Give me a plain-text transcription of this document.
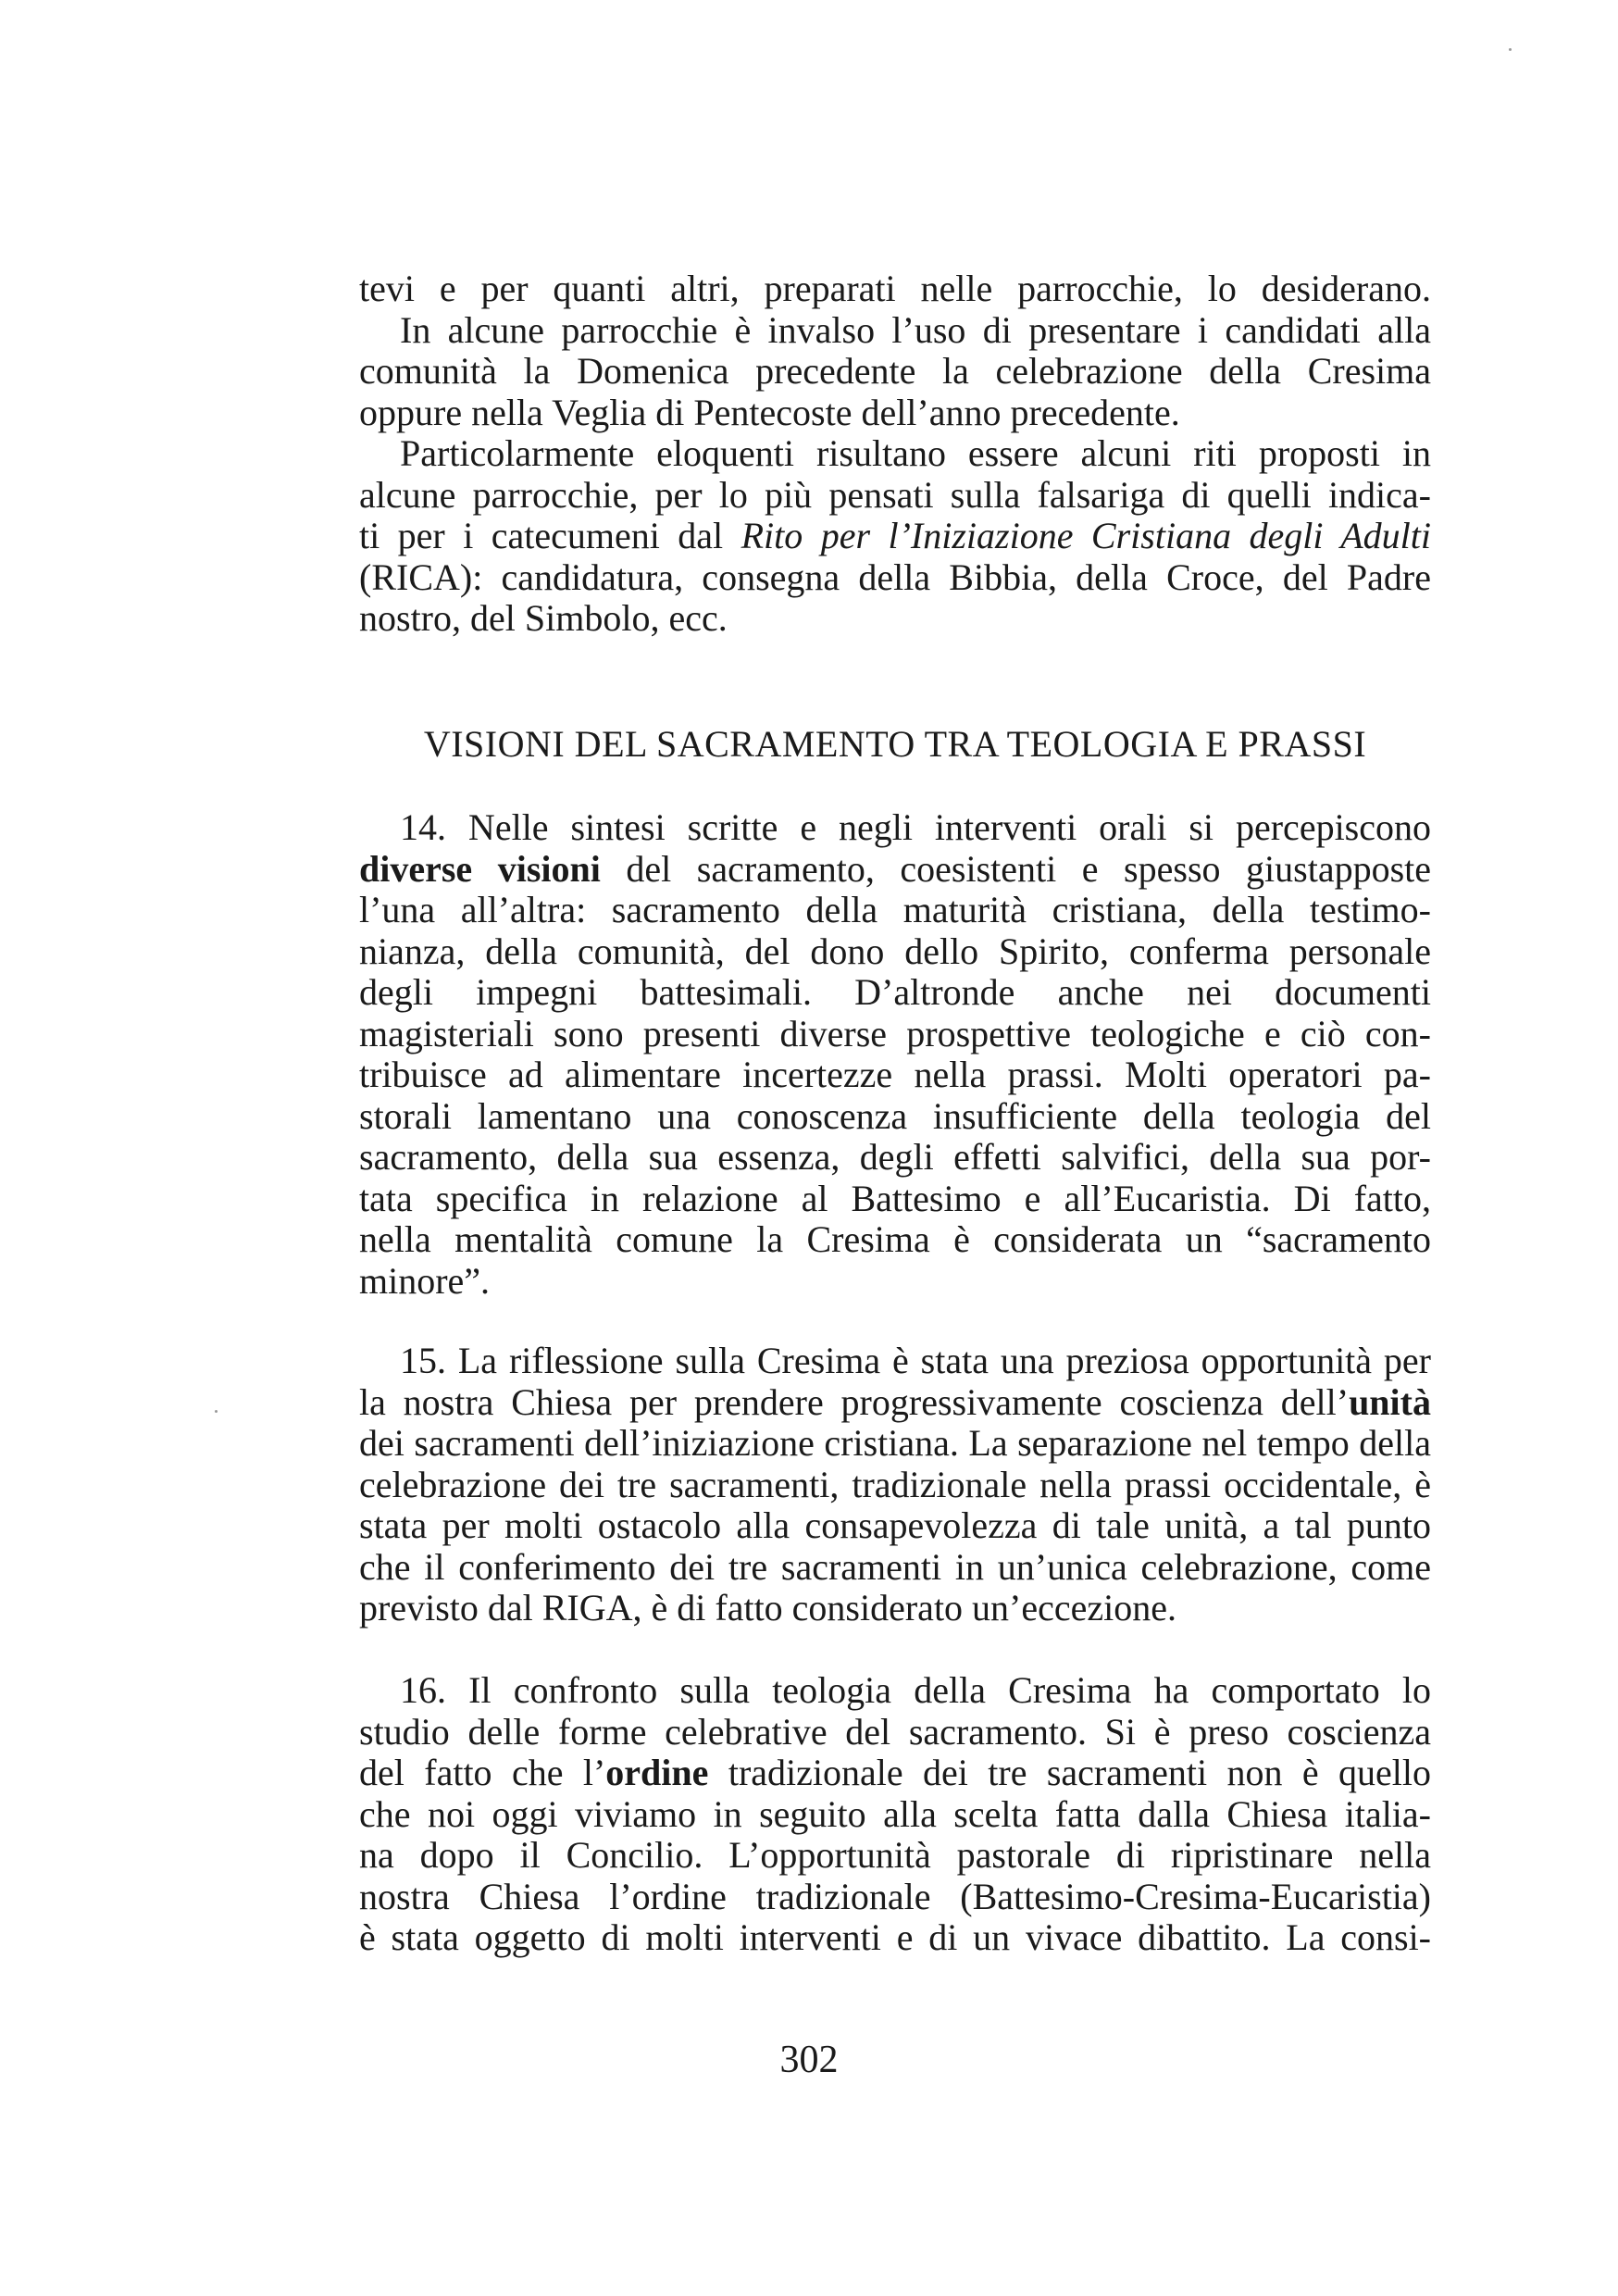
tevi e per quanti altri, preparati nelle parrocchie, lo desiderano.
In alcune parrocchie è invalso l’uso di presentare i candidati alla
comunità la Domenica precedente la celebrazione della Cresima
oppure nella Veglia di Pentecoste dell’anno precedente.
Particolarmente eloquenti risultano essere alcuni riti proposti in
alcune parrocchie, per lo più pensati sulla falsariga di quelli indica-
ti per i catecumeni dal Rito per l’Iniziazione Cristiana degli Adulti
(RICA): candidatura, consegna della Bibbia, della Croce, del Padre
nostro, del Simbolo, ecc.
VISIONI DEL SACRAMENTO TRA TEOLOGIA E PRASSI
14. Nelle sintesi scritte e negli interventi orali si percepiscono
diverse visioni del sacramento, coesistenti e spesso giustapposte
l’una all’altra: sacramento della maturità cristiana, della testimo-
nianza, della comunità, del dono dello Spirito, conferma personale
degli impegni battesimali. D’altronde anche nei documenti
magisteriali sono presenti diverse prospettive teologiche e ciò con-
tribuisce ad alimentare incertezze nella prassi. Molti operatori pa-
storali lamentano una conoscenza insufficiente della teologia del
sacramento, della sua essenza, degli effetti salvifici, della sua por-
tata specifica in relazione al Battesimo e all’Eucaristia. Di fatto,
nella mentalità comune la Cresima è considerata un “sacramento
minore”.
15. La riflessione sulla Cresima è stata una preziosa opportunità per
la nostra Chiesa per prendere progressivamente coscienza dell’unità
dei sacramenti dell’iniziazione cristiana. La separazione nel tempo della
celebrazione dei tre sacramenti, tradizionale nella prassi occidentale, è
stata per molti ostacolo alla consapevolezza di tale unità, a tal punto
che il conferimento dei tre sacramenti in un’unica celebrazione, come
previsto dal RIGA, è di fatto considerato un’eccezione.
16. Il confronto sulla teologia della Cresima ha comportato lo
studio delle forme celebrative del sacramento. Si è preso coscienza
del fatto che l’ordine tradizionale dei tre sacramenti non è quello
che noi oggi viviamo in seguito alla scelta fatta dalla Chiesa italia-
na dopo il Concilio. L’opportunità pastorale di ripristinare nella
nostra Chiesa l’ordine tradizionale (Battesimo-Cresima-Eucaristia)
è stata oggetto di molti interventi e di un vivace dibattito. La consi-
302
